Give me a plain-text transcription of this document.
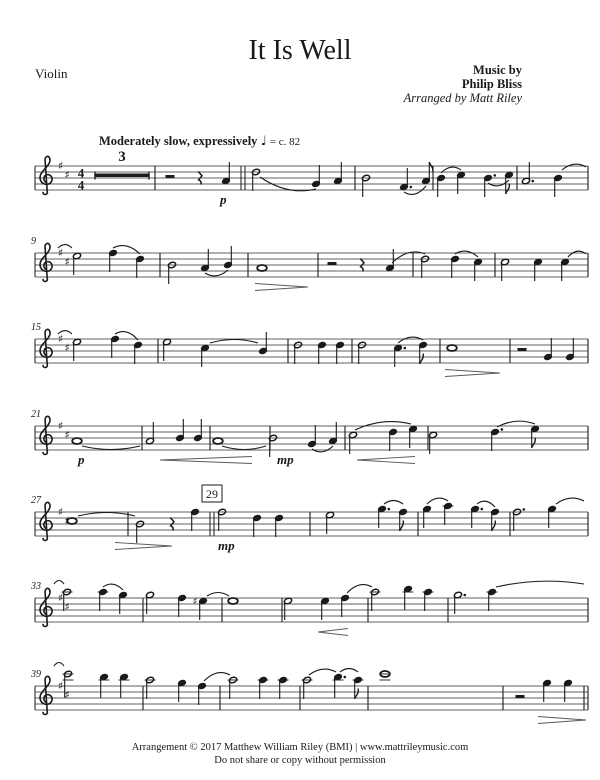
♯
♯ 4
4
3
p
♯
♯
9
♯
♯
15
♯
♯
21
p	mp
♯
♯
27	29
mp
♯
♯
33
♯
♯
♯
39
It Is Well
Violin	Music by
Philip Bliss
Arranged by Matt Riley
Moderately slow, expressively ♩ = c. 82
Arrangement © 2017 Matthew William Riley (BMI) | www.mattrileymusic.com
Do not share or copy without permission
